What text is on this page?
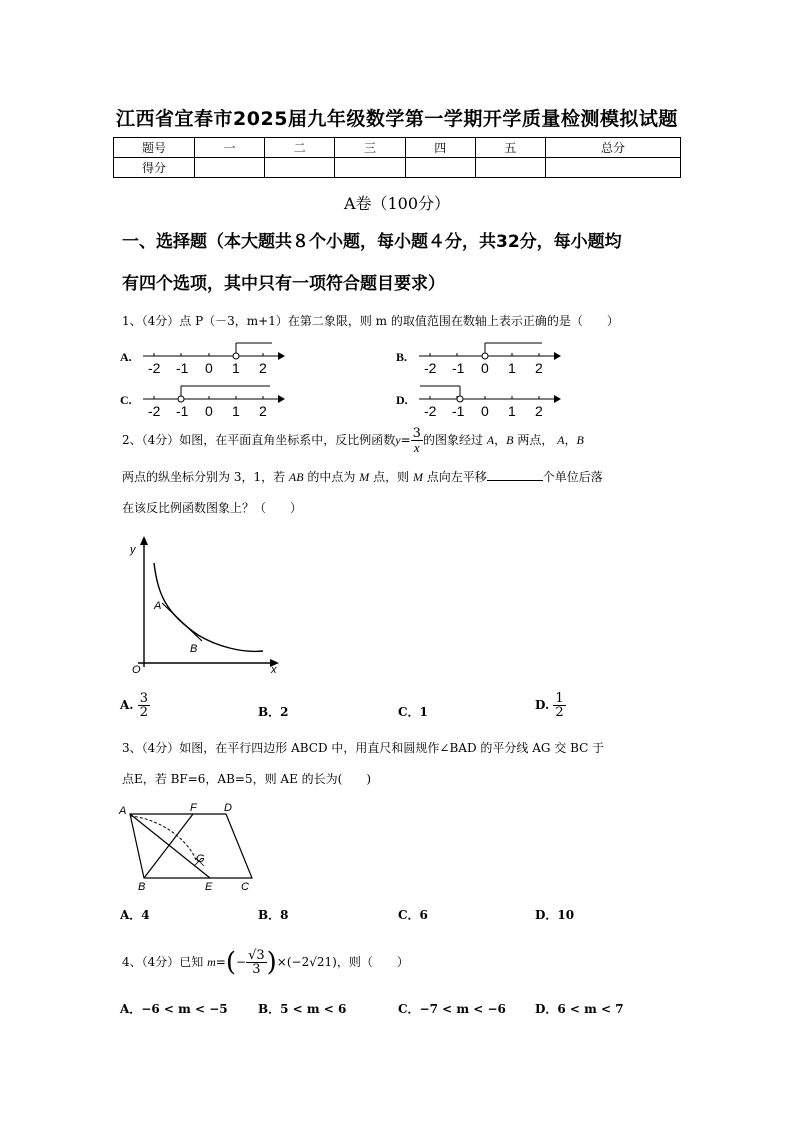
江西省宜春市2025届九年级数学第一学期开学质量检测模拟试题
题号	一	二	三	四	五	总分
得分						
A卷（100分）
一、选择题（本大题共８个小题，每小题４分，共32分，每小题均
有四个选项，其中只有一项符合题目要求）
1、（4分）点 P（－3，m+1）在第二象限，则 m 的取值范围在数轴上表示正确的是（　　）
A.
-2 -1 0 1 2
B.
-2 -1 0 1 2
C.
-2 -1 0 1 2
D.
-2 -1 0 1 2
2、（4分）如图，在平面直角坐标系中，反比例函数$y= \frac{3}{x}$ 的图象经过 A，B 两点， A，B
两点的纵坐标分别为 3，1，若 AB 的中点为 M 点，则 M 点向左平移	个单位后落
在该反比例函数图象上？（　　）
y
x
O
A
B
A. $\frac{3}{2}$	B．2	C．1	D. $\frac{1}{2}$
3、（4分）如图，在平行四边形 ABCD 中，用直尺和圆规作∠BAD 的平分线 AG 交 BC 于
点E，若 BF=6，AB=5，则 AE 的长为(　　)
A	F D
G
B	E	C
A．4	B．8	C．6	D．10
4、（4分）已知 $m=(- \frac{√3}{3} )\times(-2√21)$，则（　　）
A．−6 < m < −5	B．5 < m < 6	C．−7 < m < −6 D．6 < m < 7
